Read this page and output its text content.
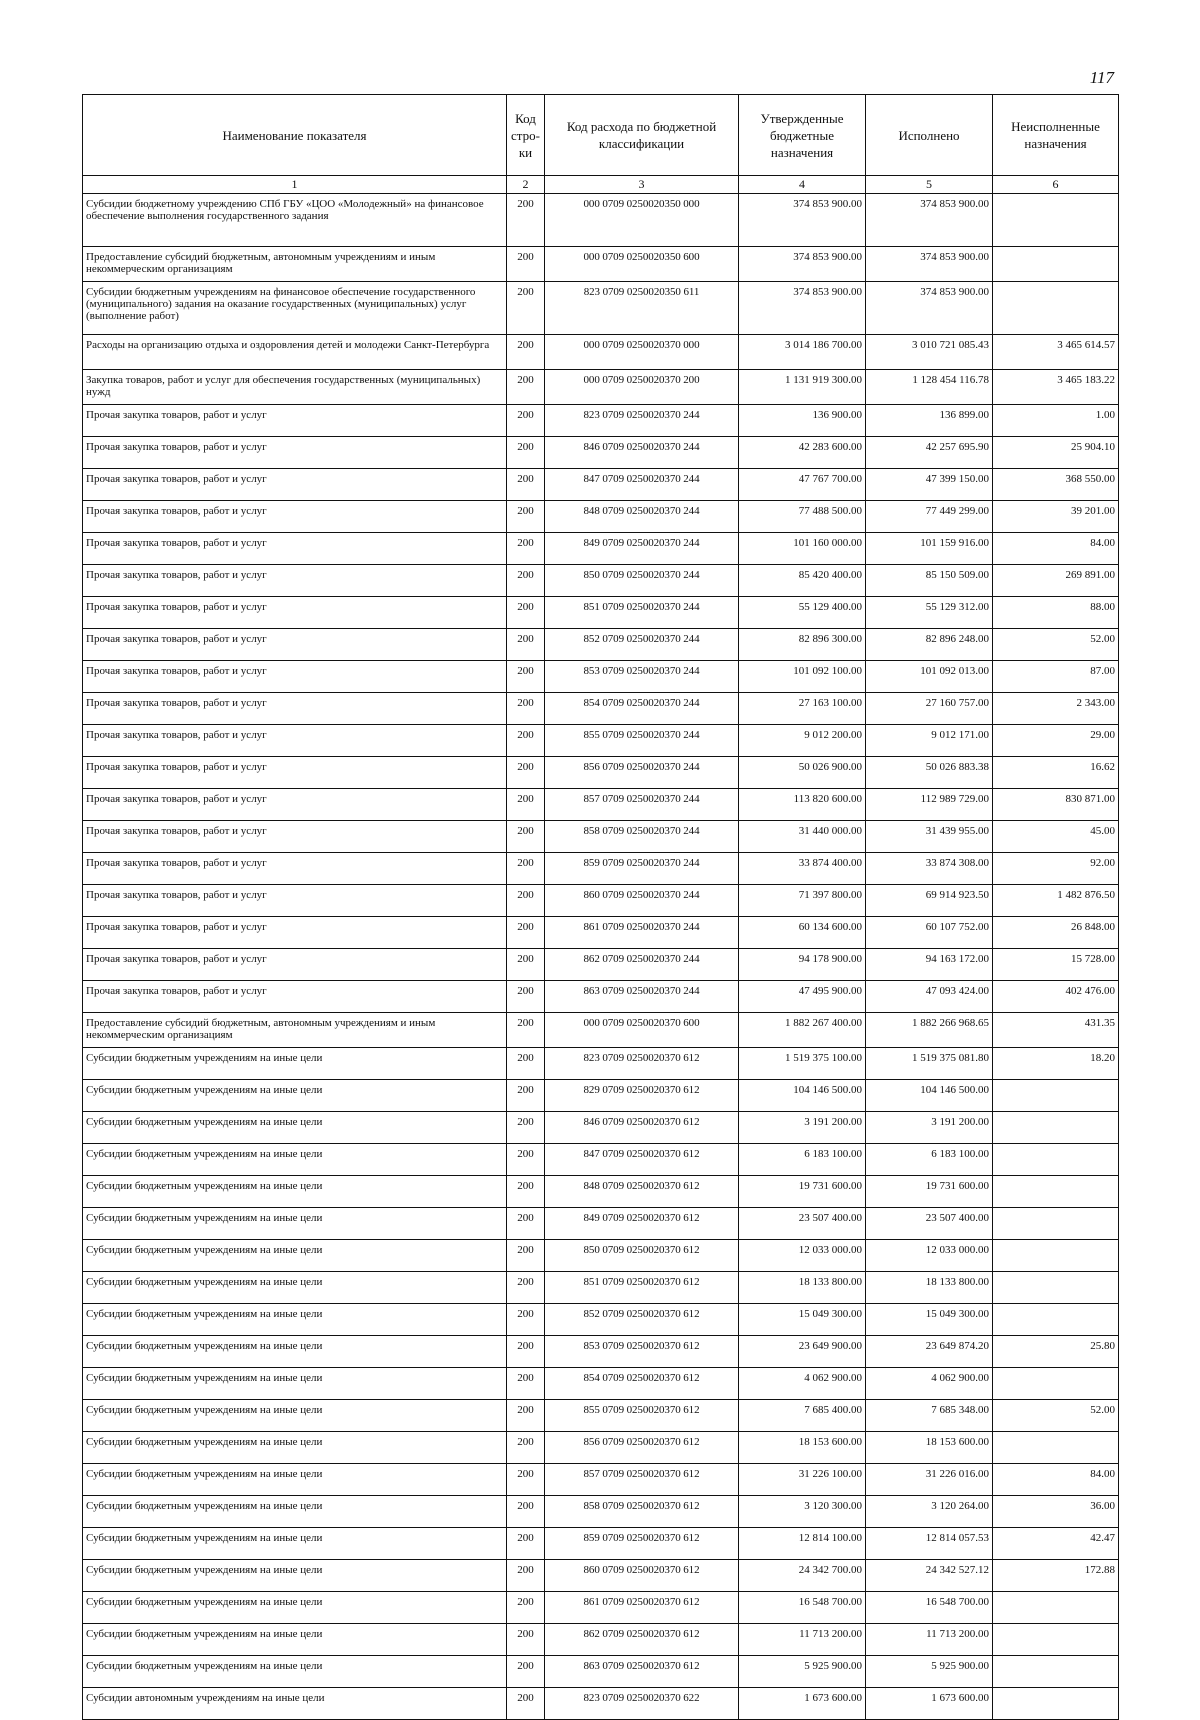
117
Наименование показателя	Код стро-ки	Код расхода по бюджетной классификации	Утвержденные бюджетные назначения	Исполнено	Неисполненные назначения
1	2	3	4	5	6
Субсидии бюджетному учреждению СПб ГБУ «ЦОО «Молодежный» на финансовое обеспечение выполнения государственного задания	200	000 0709 0250020350 000	374 853 900.00	374 853 900.00	
Предоставление субсидий бюджетным, автономным учреждениям и иным некоммерческим организациям	200	000 0709 0250020350 600	374 853 900.00	374 853 900.00	
Субсидии бюджетным учреждениям на финансовое обеспечение государственного (муниципального) задания на оказание государственных (муниципальных) услуг (выполнение работ)	200	823 0709 0250020350 611	374 853 900.00	374 853 900.00	
Расходы на организацию отдыха и оздоровления детей и молодежи Санкт-Петербурга	200	000 0709 0250020370 000	3 014 186 700.00	3 010 721 085.43	3 465 614.57
Закупка товаров, работ и услуг для обеспечения государственных (муниципальных) нужд	200	000 0709 0250020370 200	1 131 919 300.00	1 128 454 116.78	3 465 183.22
Прочая закупка товаров, работ и услуг	200	823 0709 0250020370 244	136 900.00	136 899.00	1.00
Прочая закупка товаров, работ и услуг	200	846 0709 0250020370 244	42 283 600.00	42 257 695.90	25 904.10
Прочая закупка товаров, работ и услуг	200	847 0709 0250020370 244	47 767 700.00	47 399 150.00	368 550.00
Прочая закупка товаров, работ и услуг	200	848 0709 0250020370 244	77 488 500.00	77 449 299.00	39 201.00
Прочая закупка товаров, работ и услуг	200	849 0709 0250020370 244	101 160 000.00	101 159 916.00	84.00
Прочая закупка товаров, работ и услуг	200	850 0709 0250020370 244	85 420 400.00	85 150 509.00	269 891.00
Прочая закупка товаров, работ и услуг	200	851 0709 0250020370 244	55 129 400.00	55 129 312.00	88.00
Прочая закупка товаров, работ и услуг	200	852 0709 0250020370 244	82 896 300.00	82 896 248.00	52.00
Прочая закупка товаров, работ и услуг	200	853 0709 0250020370 244	101 092 100.00	101 092 013.00	87.00
Прочая закупка товаров, работ и услуг	200	854 0709 0250020370 244	27 163 100.00	27 160 757.00	2 343.00
Прочая закупка товаров, работ и услуг	200	855 0709 0250020370 244	9 012 200.00	9 012 171.00	29.00
Прочая закупка товаров, работ и услуг	200	856 0709 0250020370 244	50 026 900.00	50 026 883.38	16.62
Прочая закупка товаров, работ и услуг	200	857 0709 0250020370 244	113 820 600.00	112 989 729.00	830 871.00
Прочая закупка товаров, работ и услуг	200	858 0709 0250020370 244	31 440 000.00	31 439 955.00	45.00
Прочая закупка товаров, работ и услуг	200	859 0709 0250020370 244	33 874 400.00	33 874 308.00	92.00
Прочая закупка товаров, работ и услуг	200	860 0709 0250020370 244	71 397 800.00	69 914 923.50	1 482 876.50
Прочая закупка товаров, работ и услуг	200	861 0709 0250020370 244	60 134 600.00	60 107 752.00	26 848.00
Прочая закупка товаров, работ и услуг	200	862 0709 0250020370 244	94 178 900.00	94 163 172.00	15 728.00
Прочая закупка товаров, работ и услуг	200	863 0709 0250020370 244	47 495 900.00	47 093 424.00	402 476.00
Предоставление субсидий бюджетным, автономным учреждениям и иным некоммерческим организациям	200	000 0709 0250020370 600	1 882 267 400.00	1 882 266 968.65	431.35
Субсидии бюджетным учреждениям на иные цели	200	823 0709 0250020370 612	1 519 375 100.00	1 519 375 081.80	18.20
Субсидии бюджетным учреждениям на иные цели	200	829 0709 0250020370 612	104 146 500.00	104 146 500.00	
Субсидии бюджетным учреждениям на иные цели	200	846 0709 0250020370 612	3 191 200.00	3 191 200.00	
Субсидии бюджетным учреждениям на иные цели	200	847 0709 0250020370 612	6 183 100.00	6 183 100.00	
Субсидии бюджетным учреждениям на иные цели	200	848 0709 0250020370 612	19 731 600.00	19 731 600.00	
Субсидии бюджетным учреждениям на иные цели	200	849 0709 0250020370 612	23 507 400.00	23 507 400.00	
Субсидии бюджетным учреждениям на иные цели	200	850 0709 0250020370 612	12 033 000.00	12 033 000.00	
Субсидии бюджетным учреждениям на иные цели	200	851 0709 0250020370 612	18 133 800.00	18 133 800.00	
Субсидии бюджетным учреждениям на иные цели	200	852 0709 0250020370 612	15 049 300.00	15 049 300.00	
Субсидии бюджетным учреждениям на иные цели	200	853 0709 0250020370 612	23 649 900.00	23 649 874.20	25.80
Субсидии бюджетным учреждениям на иные цели	200	854 0709 0250020370 612	4 062 900.00	4 062 900.00	
Субсидии бюджетным учреждениям на иные цели	200	855 0709 0250020370 612	7 685 400.00	7 685 348.00	52.00
Субсидии бюджетным учреждениям на иные цели	200	856 0709 0250020370 612	18 153 600.00	18 153 600.00	
Субсидии бюджетным учреждениям на иные цели	200	857 0709 0250020370 612	31 226 100.00	31 226 016.00	84.00
Субсидии бюджетным учреждениям на иные цели	200	858 0709 0250020370 612	3 120 300.00	3 120 264.00	36.00
Субсидии бюджетным учреждениям на иные цели	200	859 0709 0250020370 612	12 814 100.00	12 814 057.53	42.47
Субсидии бюджетным учреждениям на иные цели	200	860 0709 0250020370 612	24 342 700.00	24 342 527.12	172.88
Субсидии бюджетным учреждениям на иные цели	200	861 0709 0250020370 612	16 548 700.00	16 548 700.00	
Субсидии бюджетным учреждениям на иные цели	200	862 0709 0250020370 612	11 713 200.00	11 713 200.00	
Субсидии бюджетным учреждениям на иные цели	200	863 0709 0250020370 612	5 925 900.00	5 925 900.00	
Субсидии автономным учреждениям на иные цели	200	823 0709 0250020370 622	1 673 600.00	1 673 600.00	
